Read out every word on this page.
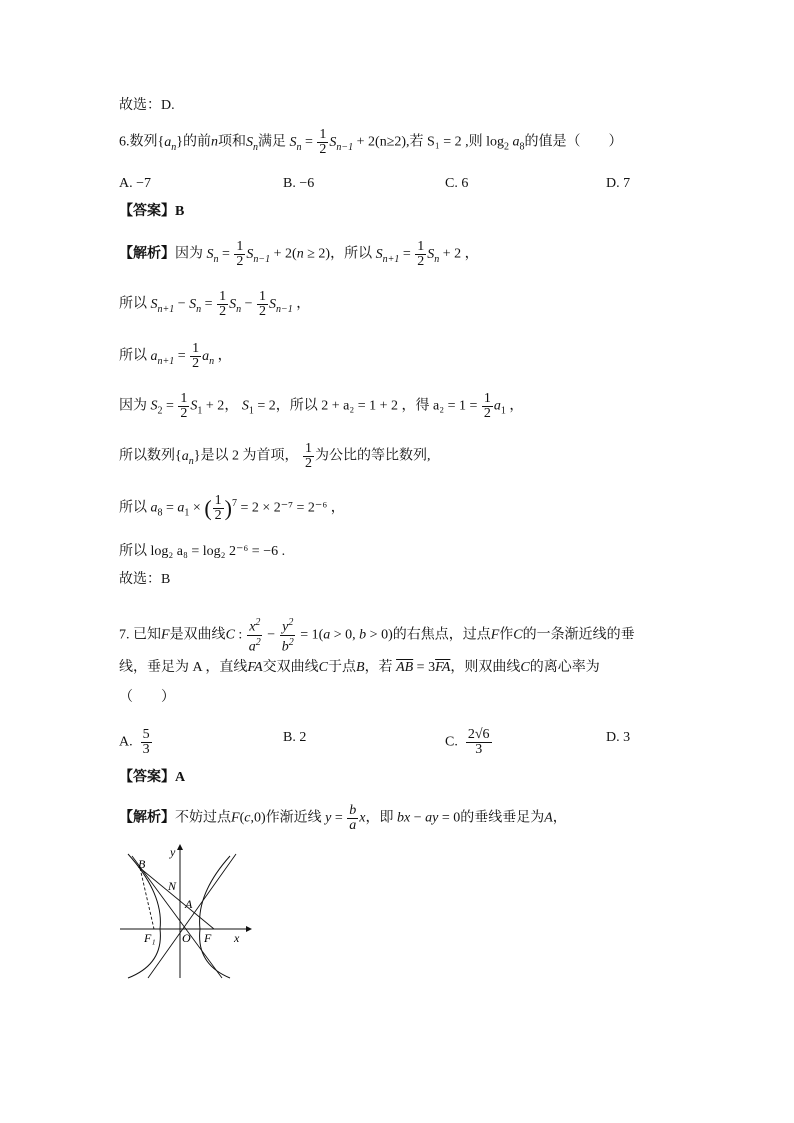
故选：D.
6.数列$\{a_n\}$的前n项和$S_n$满足 $S_n = \frac{1}{2} S_{n-1} + 2(n\ge 2)$,若 S₁ = 2 ,则 $\log_2 a_8$的值是（　　）
A. −7	B. −6	C. 6	D. 7
【答案】B
【解析】因为 $S_n = \frac{1}{2} S_{n-1} + 2(n \ge 2)$，所以 $S_{n+1} = \frac{1}{2} S_n + 2$ ，
所以 $S_{n+1} - S_n = \frac{1}{2} S_n - \frac{1}{2} S_{n-1}$ ，
所以 $a_{n+1} = \frac{1}{2} a_n$ ，
因为 $S_2 = \frac{1}{2} S_1 + 2$， $S_1 = 2$，所以 2 + a₂ = 1 + 2 ，得 $a_2 = 1 = \frac{1}{2} a_1$ ，
所以数列$\{a_n\}$是以 2 为首项， $\frac{1}{2}$ 为公比的等比数列,
所以 $a_8 = a_1$ × ( $\frac{1}{2} )^7 = 2 \times 2^{-7} = 2^{-6}$ ，
所以 log₂ a₈ = log₂ 2⁻⁶ = −6 .
故选：B
7. 已知F是双曲线C : $\frac{x^2}{a^2} - \frac{y^2}{b^2} = 1(a > 0$, b > 0)的右焦点，过点F作C的一条渐近线的垂
线，垂足为 A ，直线FA交双曲线C于点B，若 $\overline{AB} = 3\overline{FA}$，则双曲线C的离心率为
（　　）
A. $\frac{5}{3}$	B. 2	C. $\frac{2√6}{3}$	D. 3
【答案】A
【解析】不妨过点F(c,0)作渐近线 $y = \frac{b}{a}$ x，即 bx − ay = 0的垂线垂足为A，
B
y
N
A
F₁ O F x
